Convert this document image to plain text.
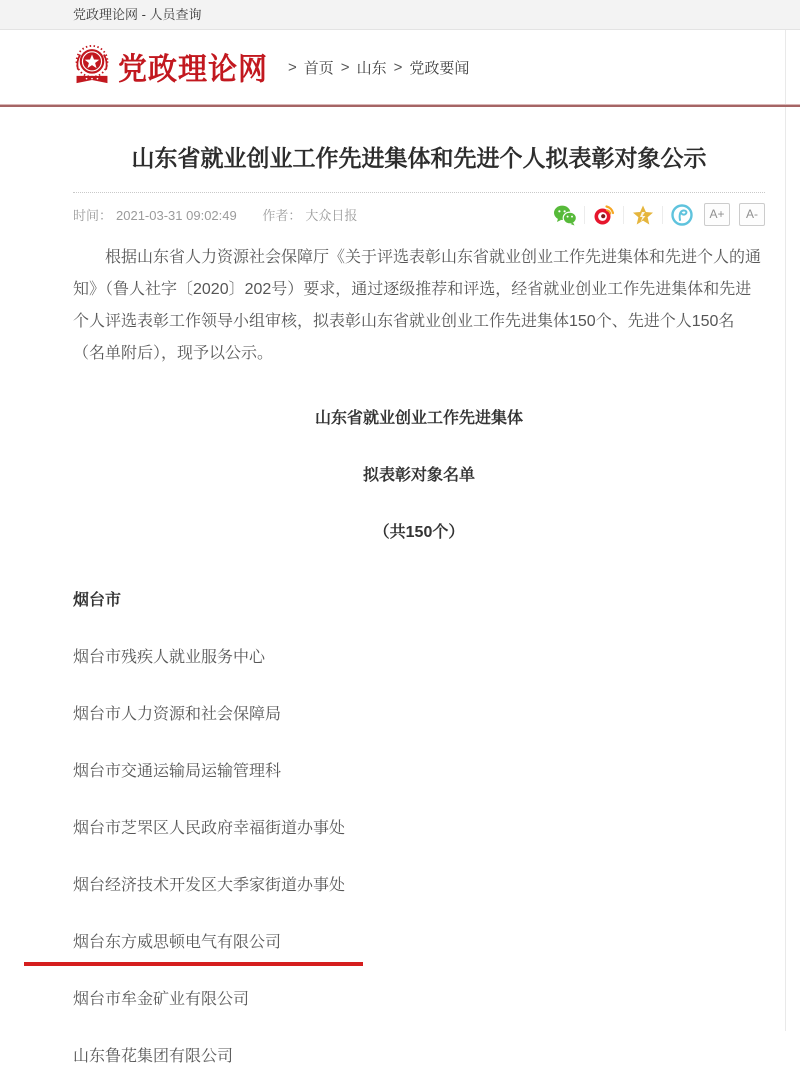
党政理论网 - 人员查询
党政理论网 > 首页 > 山东 > 党政要闻
山东省就业创业工作先进集体和先进个人拟表彰对象公示
时间： 2021-03-31 09:02:49 作者： 大众日报	A+	A-

根据山东省人力资源社会保障厅《关于评选表彰山东省就业创业工作先进集体和先进个人的通知》（鲁人社字〔2020〕202号）要求，通过逐级推荐和评选，经省就业创业工作先进集体和先进个人评选表彰工作领导小组审核，拟表彰山东省就业创业工作先进集体150个、先进个人150名（名单附后），现予以公示。

山东省就业创业工作先进集体
拟表彰对象名单
（共150个）
烟台市

烟台市残疾人就业服务中心

烟台市人力资源和社会保障局

烟台市交通运输局运输管理科

烟台市芝罘区人民政府幸福街道办事处

烟台经济技术开发区大季家街道办事处

烟台东方威思顿电气有限公司

烟台市牟金矿业有限公司

山东鲁花集团有限公司
